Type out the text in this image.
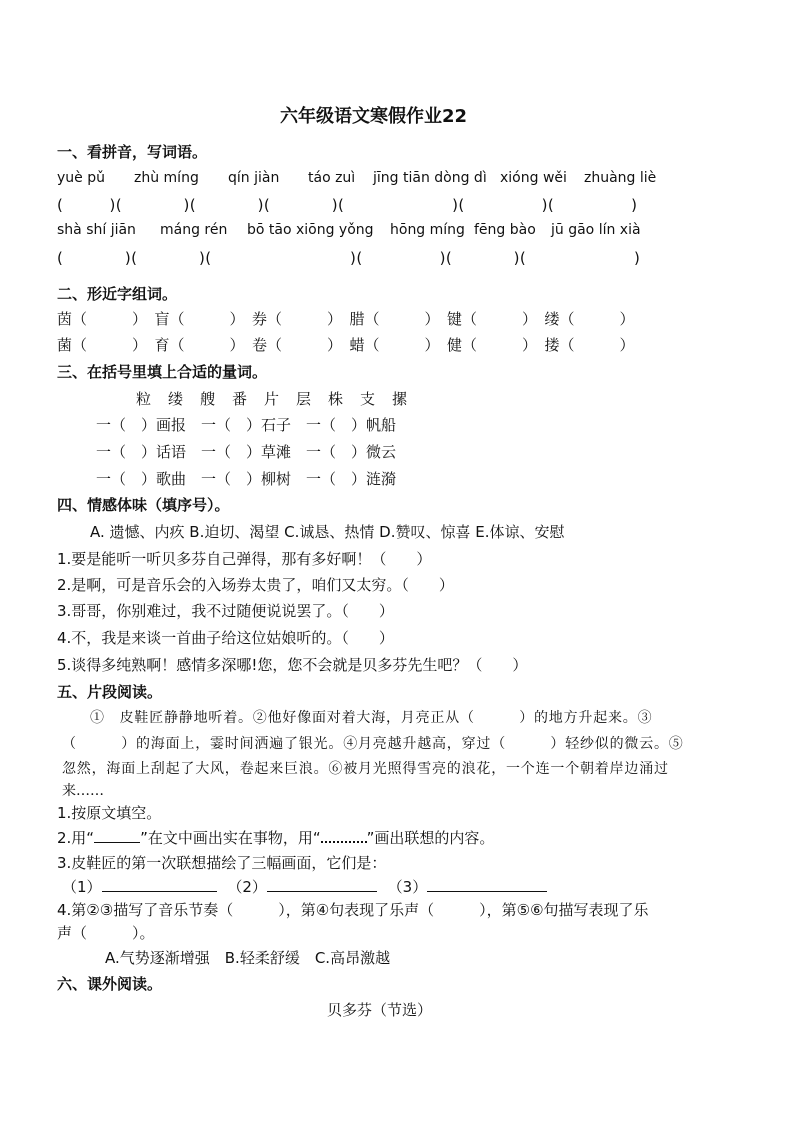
六年级语文寒假作业22
一、看拼音，写词语。
yuè pǔ zhù míng qín jiàn táo zuì jīng tiān dòng dì xióng wěi zhuàng liè
(　　　)(　　　　)(　　　　)(　　　　)(　　　　　　　)(　　　　　)(　　　　　)
shà shí jiān máng rén bō tāo xiōng yǒng hōng míng fēng bào jū gāo lín xià
(　　　　)(　　　　)(　　　　　　　　　)(　　　　　)(　　　　)(　　　　　　　)
二、形近字组词。
茵（　　　）　盲（　　　）　券（　　　）　腊（　　　）　键（　　　）　缕（　　　）
菌（　　　）　育（　　　）　卷（　　　）　蜡（　　　）　健（　　　）　搂（　　　）
三、在括号里填上合适的量词。
粒　缕　艘　番　片　层　株　支　摞
一（　）画报　一（　）石子　一（　）帆船
一（　）话语　一（　）草滩　一（　）微云
一（　）歌曲　一（　）柳树　一（　）涟漪
四、情感体味（填序号）。
A. 遗憾、内疚 B.迫切、渴望 C.诚恳、热情 D.赞叹、惊喜 E.体谅、安慰
1.要是能听一听贝多芬自己弹得，那有多好啊！（　　）
2.是啊，可是音乐会的入场券太贵了，咱们又太穷。（　　）
3.哥哥，你别难过，我不过随便说说罢了。（　　）
4.不，我是来谈一首曲子给这位姑娘听的。（　　）
5.谈得多纯熟啊！感情多深哪!您，您不会就是贝多芬先生吧？（　　）
五、片段阅读。
①　皮鞋匠静静地听着。②他好像面对着大海，月亮正从（　　　）的地方升起来。③
（　　　）的海面上，霎时间洒遍了银光。④月亮越升越高，穿过（　　　）轻纱似的微云。⑤
忽然，海面上刮起了大风，卷起来巨浪。⑥被月光照得雪亮的浪花，一个连一个朝着岸边涌过
来……
1.按原文填空。
2.用“	”在文中画出实在事物，用“	”画出联想的内容。
3.皮鞋匠的第一次联想描绘了三幅画面，它们是：
（1）	（2）	（3）
4.第②③描写了音乐节奏（　　　），第④句表现了乐声（　　　），第⑤⑥句描写表现了乐
声（　　　）。
A.气势逐渐增强　B.轻柔舒缓　C.高昂激越
六、课外阅读。
贝多芬（节选）
